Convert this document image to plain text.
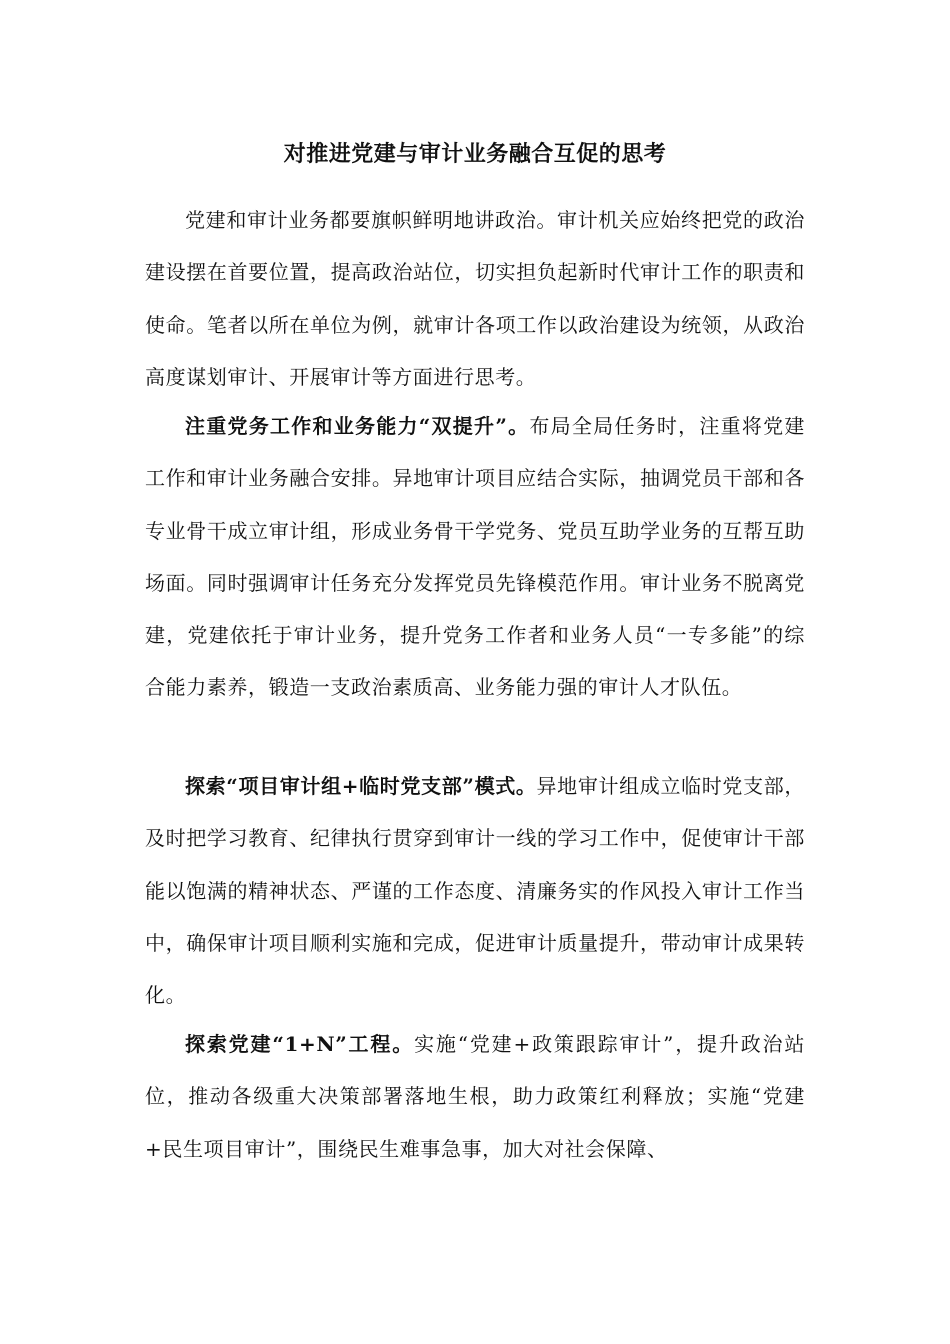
对推进党建与审计业务融合互促的思考

党建和审计业务都要旗帜鲜明地讲政治。审计机关应始终把党的政治建设摆在首要位置，提高政治站位，切实担负起新时代审计工作的职责和使命。笔者以所在单位为例，就审计各项工作以政治建设为统领，从政治高度谋划审计、开展审计等方面进行思考。

注重党务工作和业务能力“双提升”。布局全局任务时，注重将党建工作和审计业务融合安排。异地审计项目应结合实际，抽调党员干部和各专业骨干成立审计组，形成业务骨干学党务、党员互助学业务的互帮互助场面。同时强调审计任务充分发挥党员先锋模范作用。审计业务不脱离党建，党建依托于审计业务，提升党务工作者和业务人员“一专多能”的综合能力素养，锻造一支政治素质高、业务能力强的审计人才队伍。

探索“项目审计组+临时党支部”模式。异地审计组成立临时党支部，及时把学习教育、纪律执行贯穿到审计一线的学习工作中，促使审计干部能以饱满的精神状态、严谨的工作态度、清廉务实的作风投入审计工作当中，确保审计项目顺利实施和完成，促进审计质量提升，带动审计成果转化。

探索党建“1+N”工程。实施“党建+政策跟踪审计”，提升政治站位，推动各级重大决策部署落地生根，助力政策红利释放；实施“党建+民生项目审计”，围绕民生难事急事，加大对社会保障、
